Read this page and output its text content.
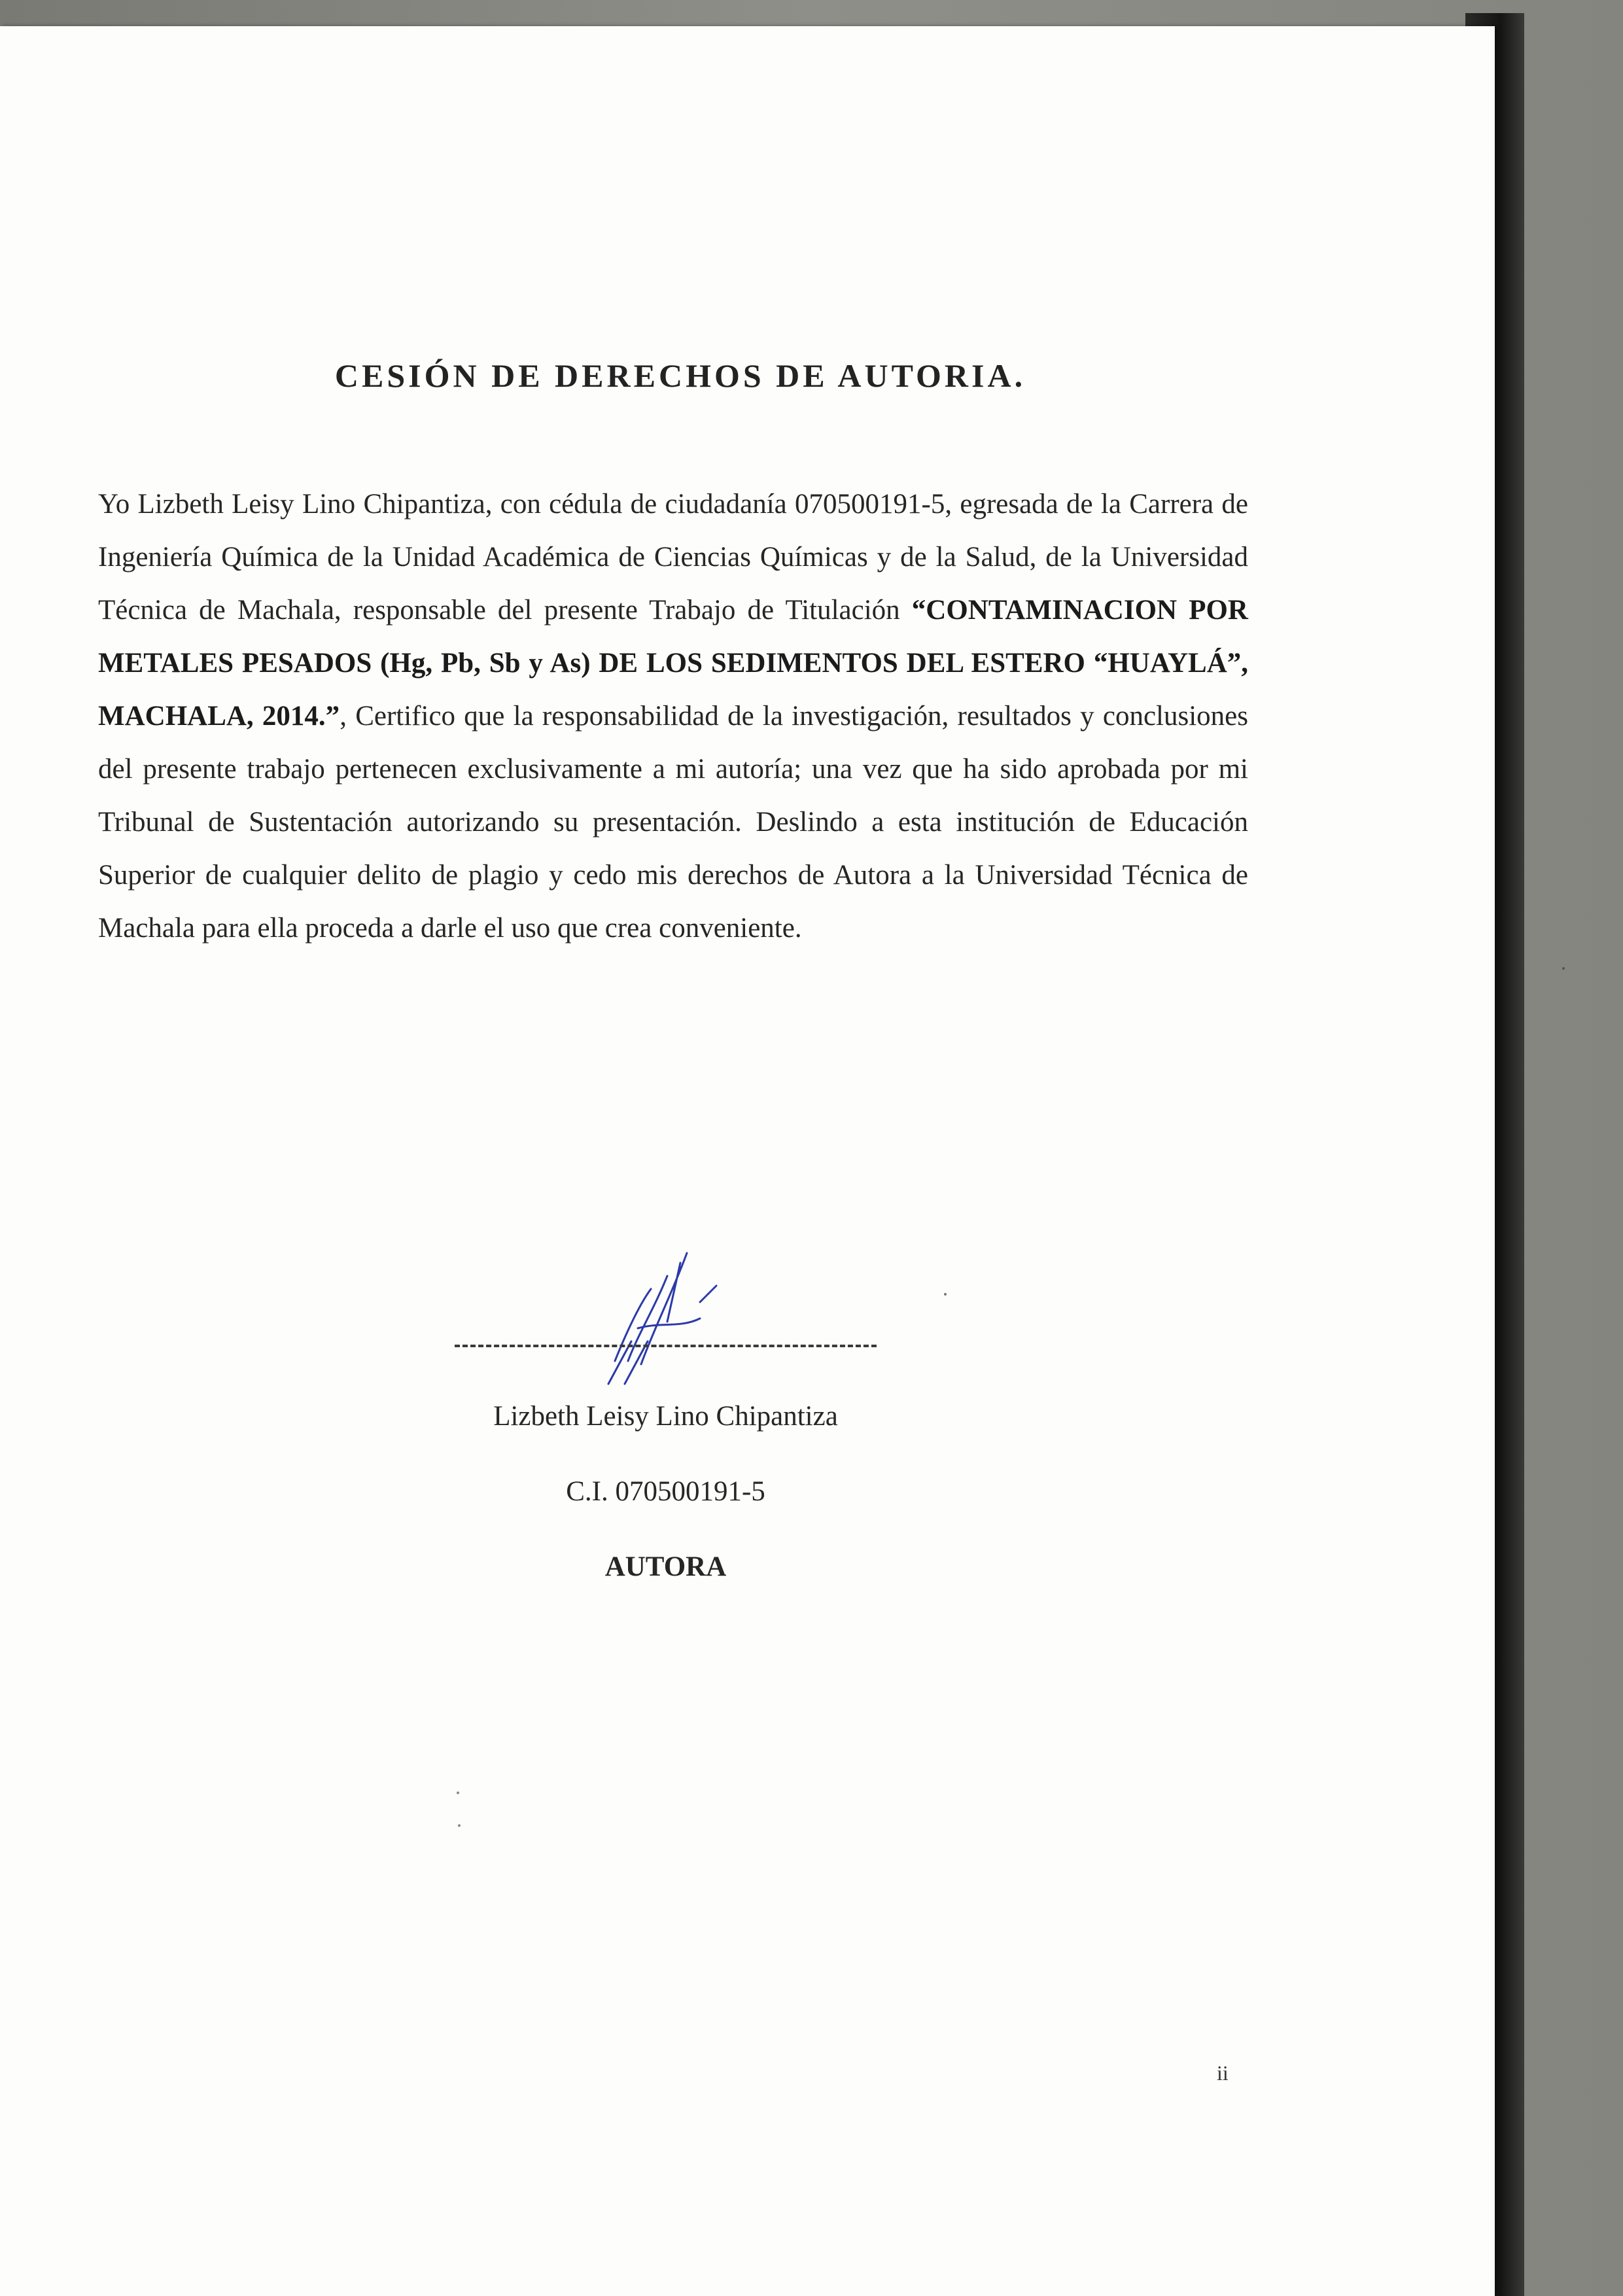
CESIÓN DE DERECHOS DE AUTORIA.
Yo Lizbeth Leisy Lino Chipantiza, con cédula de ciudadanía 070500191-5, egresada de la Carrera de Ingeniería Química de la Unidad Académica de Ciencias Químicas y de la Salud, de la Universidad Técnica de Machala, responsable del presente Trabajo de Titulación “CONTAMINACION POR METALES PESADOS (Hg, Pb, Sb y As) DE LOS SEDIMENTOS DEL ESTERO “HUAYLÁ”, MACHALA, 2014.”, Certifico que la responsabilidad de la investigación, resultados y conclusiones del presente trabajo pertenecen exclusivamente a mi autoría; una vez que ha sido aprobada por mi Tribunal de Sustentación autorizando su presentación. Deslindo a esta institución de Educación Superior de cualquier delito de plagio y cedo mis derechos de Autora a la Universidad Técnica de Machala para ella proceda a darle el uso que crea conveniente.
Lizbeth Leisy Lino Chipantiza
C.I. 070500191-5
AUTORA
ii
